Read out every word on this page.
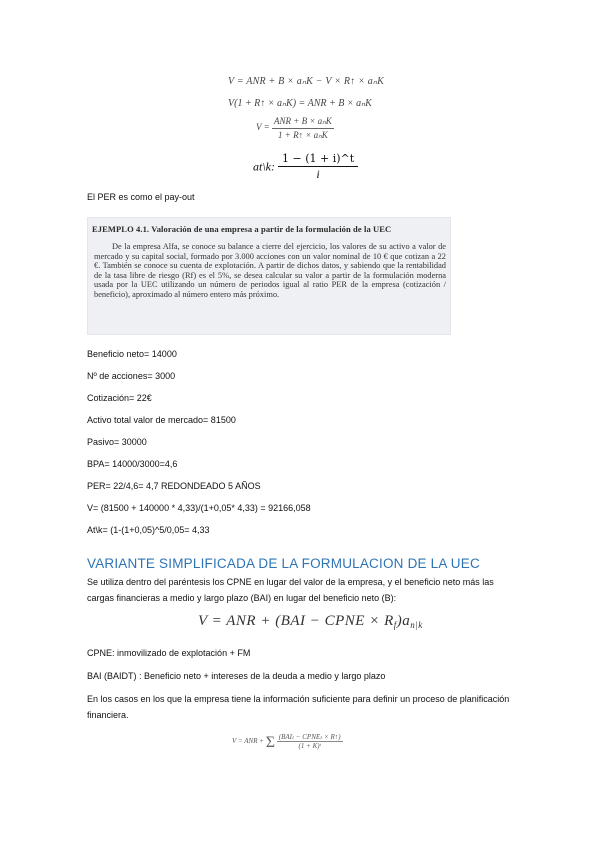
V = ANR + B × aₙK − V × R↑ × aₙK
V(1 + R↑ × aₙK) = ANR + B × aₙK
$V = \frac{\text{ANR + B × aₙK}}{\text{1 + R↑ × aₙK}}$
at\k: $\frac{1 - (1 + i)\^{}t}{i}$
El PER es como el pay-out
EJEMPLO 4.1. Valoración de una empresa a partir de la formulación de la UEC

De la empresa Alfa, se conoce su balance a cierre del ejercicio, los valores de su activo a valor de mercado y su capital social, formado por 3.000 acciones con un valor nominal de 10 € que cotizan a 22 €. También se conoce su cuenta de explotación. A partir de dichos datos, y sabiendo que la rentabilidad de la tasa libre de riesgo (Rf) es el 5%, se desea calcular su valor a partir de la formulación moderna usada por la UEC utilizando un número de periodos igual al ratio PER de la empresa (cotización / beneficio), aproximado al número entero más próximo.

Beneficio neto= 14000
Nº de acciones= 3000
Cotización= 22€
Activo total valor de mercado= 81500
Pasivo= 30000
BPA= 14000/3000=4,6
PER= 22/4,6= 4,7 REDONDEADO 5 AÑOS
V= (81500 + 140000 * 4,33)/(1+0,05* 4,33) = 92166,058
At\k= (1-(1+0,05)^5/0,05= 4,33
VARIANTE SIMPLIFICADA DE LA FORMULACION DE LA UEC
Se utiliza dentro del paréntesis los CPNE en lugar del valor de la empresa, y el beneficio neto más las cargas financieras a medio y largo plazo (BAI) en lugar del beneficio neto (B):
V = ANR + (BAI − CPNE × $R_f)a_{n|k}$
CPNE: inmovilizado de explotación + FM
BAI (BAIDT) : Beneficio neto + intereses de la deuda a medio y largo plazo
En los casos en los que la empresa tiene la información suficiente para definir un proceso de planificación financiera.
V = ANR + Σ $\frac{\text{(BAIₜ − CPNEₜ × R↑)}}{\text{(1 + K)ᵗ}}$
